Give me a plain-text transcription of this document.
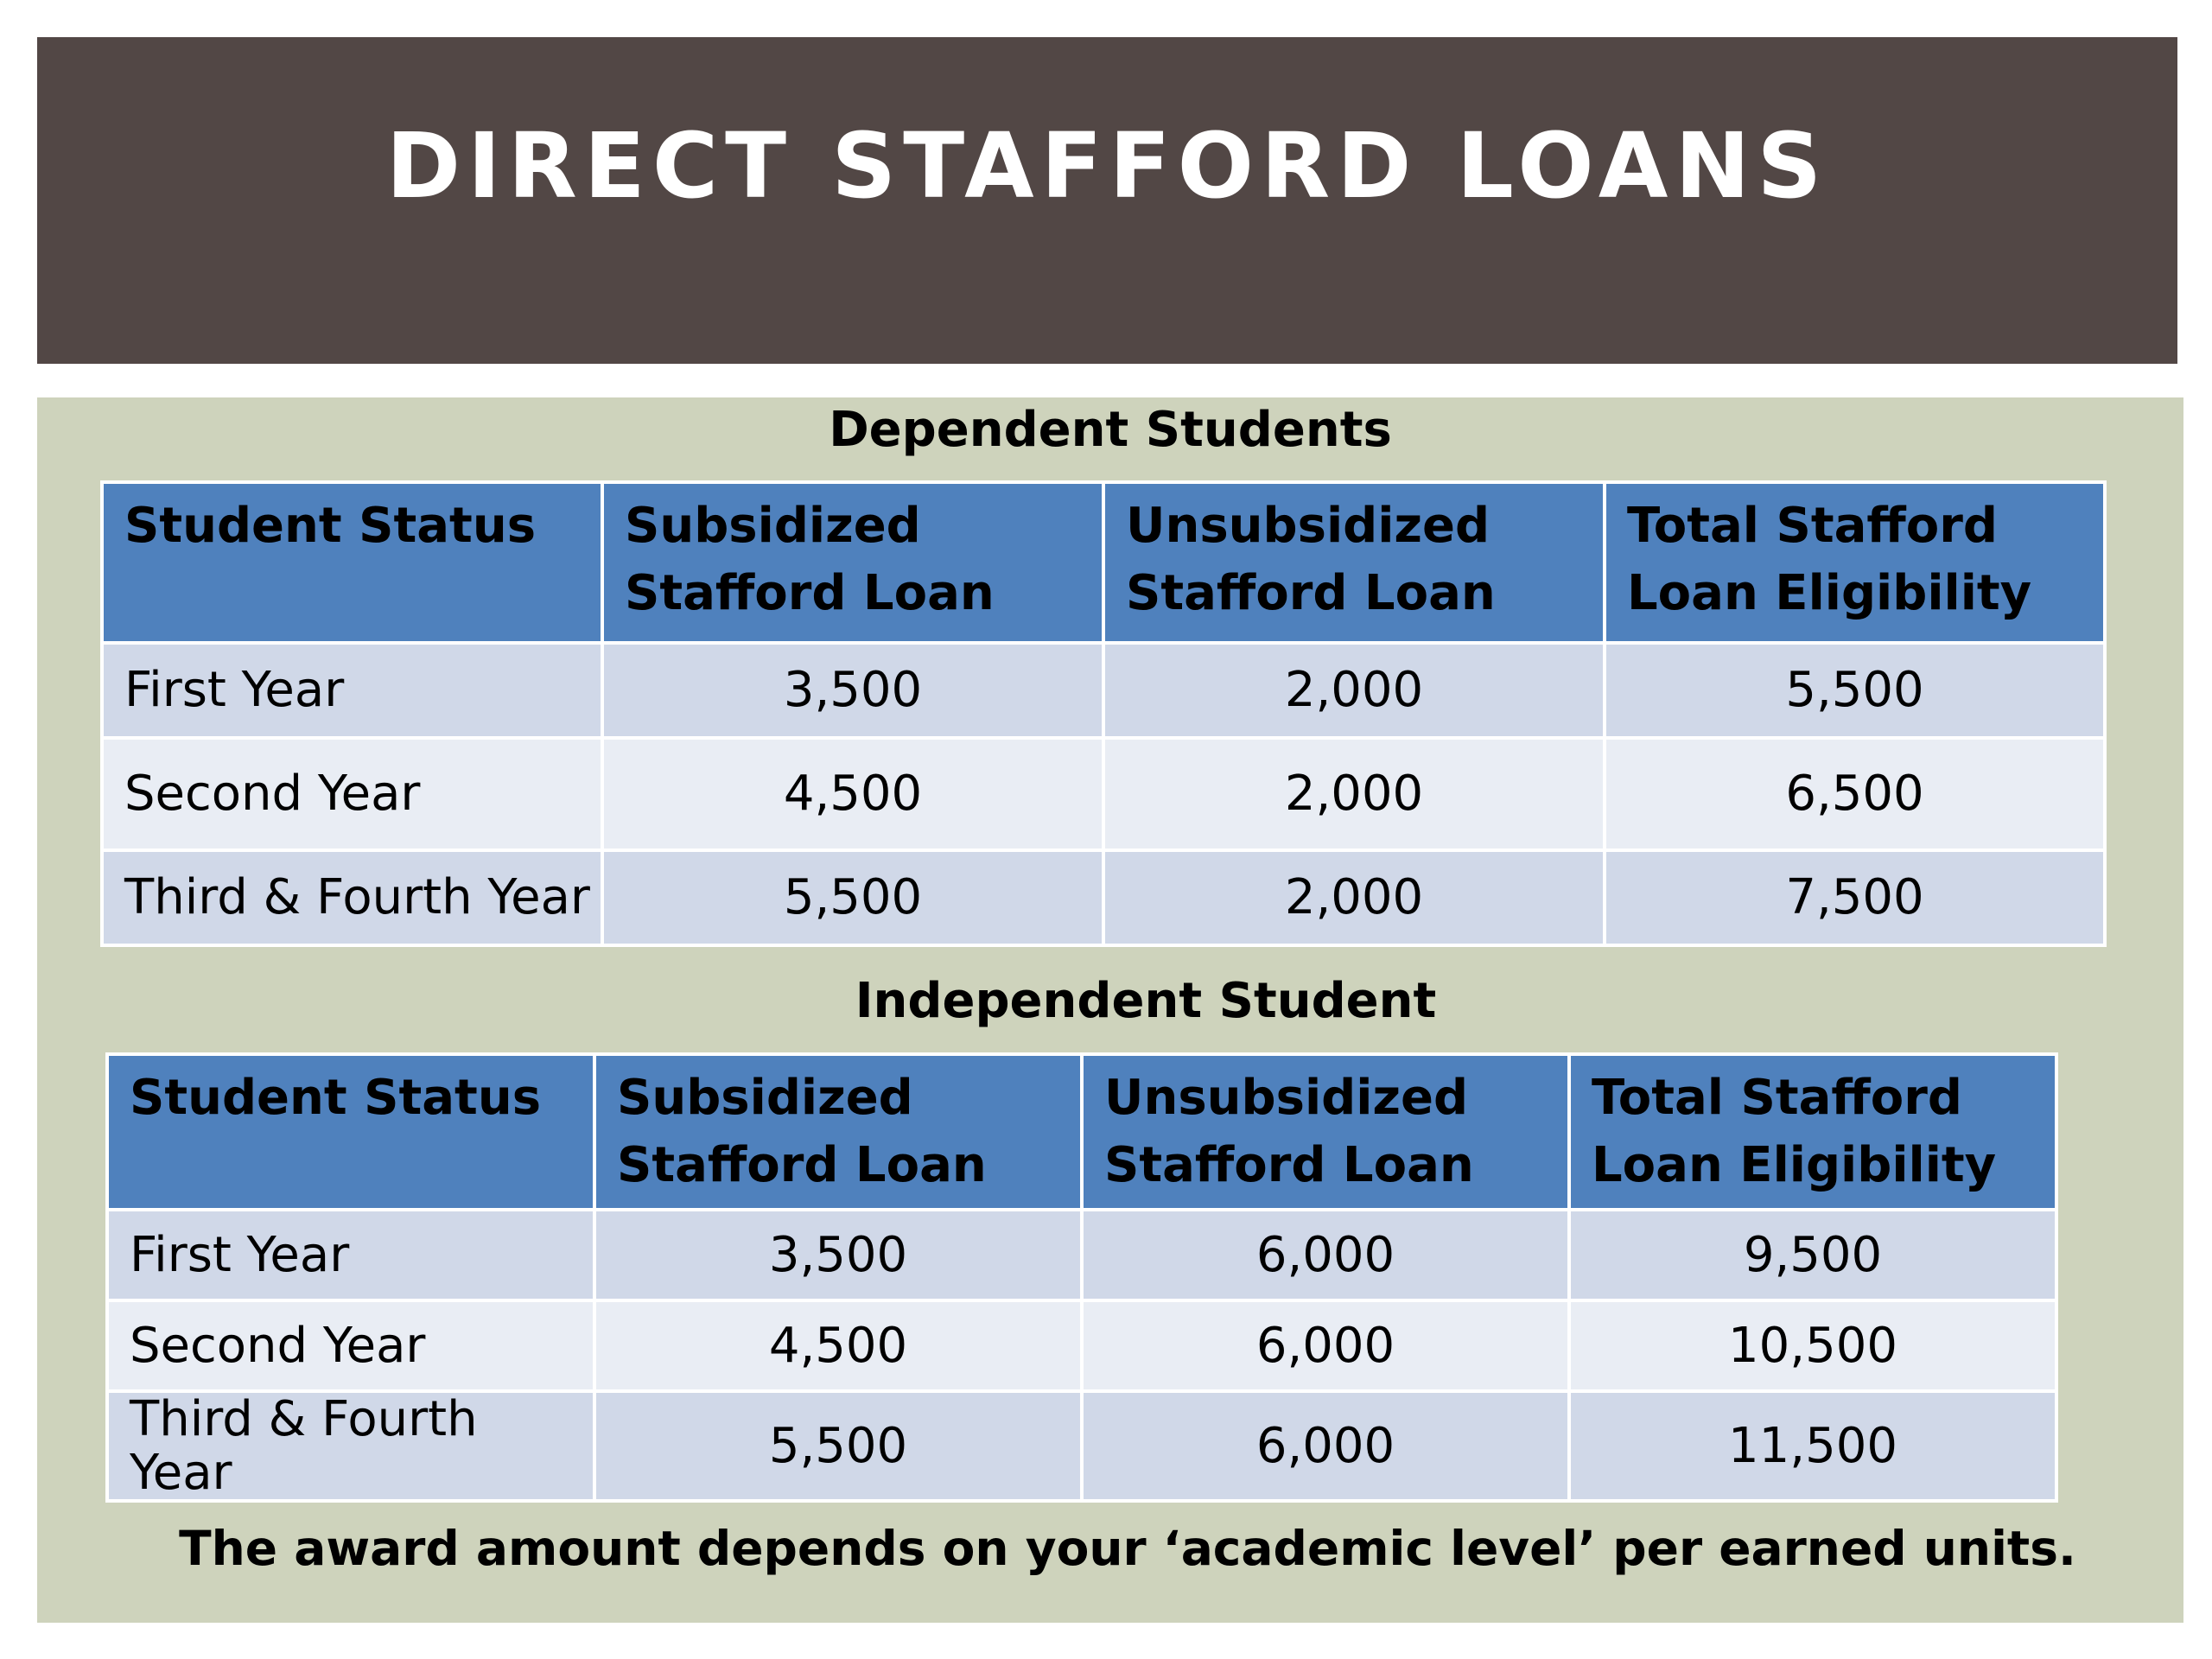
DIRECT STAFFORD LOANS
Dependent Students
Student Status	Subsidized Stafford Loan	Unsubsidized Stafford Loan	Total Stafford Loan Eligibility
First Year	3,500	2,000	5,500
Second Year	4,500	2,000	6,500
Third & Fourth Year	5,500	2,000	7,500
Independent Student
Student Status	Subsidized Stafford Loan	Unsubsidized Stafford Loan	Total Stafford Loan Eligibility
First Year	3,500	6,000	9,500
Second Year	4,500	6,000	10,500
Third & Fourth Year	5,500	6,000	11,500
The award amount depends on your ‘academic level’ per earned units.
